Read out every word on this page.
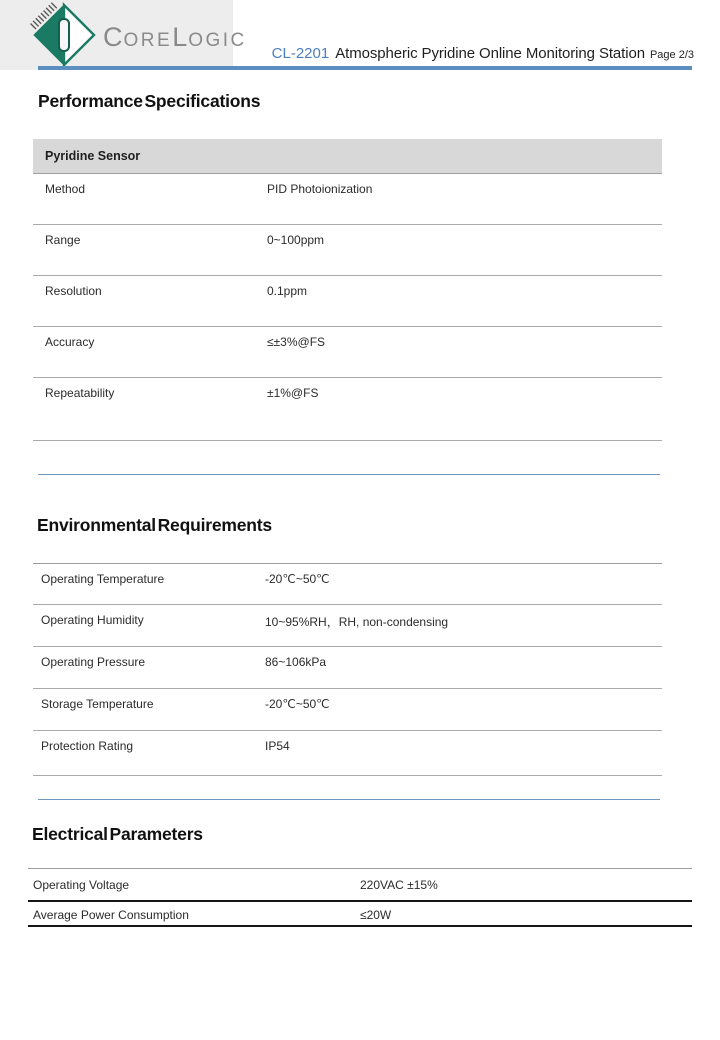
CORELOGIC
CL-2201 Atmospheric Pyridine Online Monitoring Station Page 2/3
Performance Specifications
Pyridine Sensor
Method	PID Photoionization
Range	0~100ppm
Resolution	0.1ppm
Accuracy	≤±3%@FS
Repeatability	±1%@FS
Environmental Requirements
Operating Temperature	-20℃~50℃
Operating Humidity	10~95%RH，RH, non-condensing
Operating Pressure	86~106kPa
Storage Temperature	-20℃~50℃
Protection Rating	IP54
Electrical Parameters
Operating Voltage	220VAC ±15%
Average Power Consumption	≤20W
